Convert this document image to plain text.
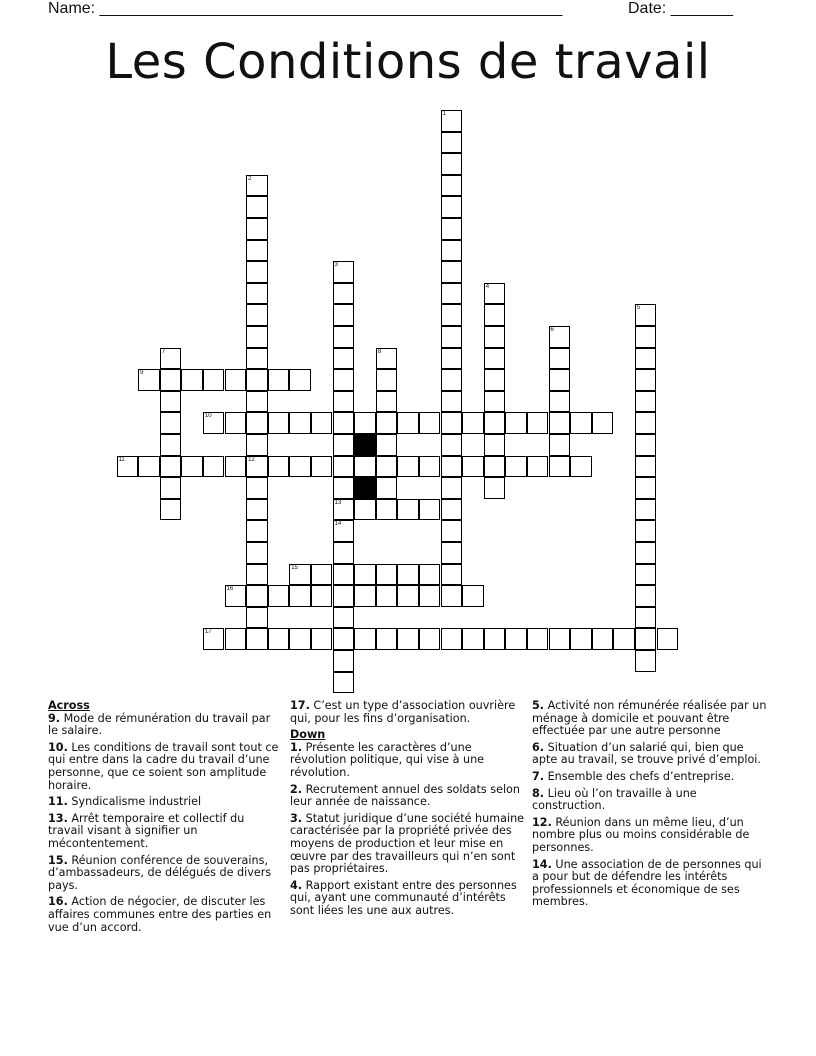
Name: ____________________________________________________	Date: _______
Les Conditions de travail
9
10
11	12
13
15
16
17
1
2
3
4
5
6
7	8
14

Across

9. Mode de rémunération du travail par le salaire.

10. Les conditions de travail sont tout ce qui entre dans la cadre du travail d’une personne, que ce soient son amplitude horaire.

11. Syndicalisme industriel

13. Arrêt temporaire et collectif du travail visant à signifier un mécontentement.

15. Réunion conférence de souverains, d’ambassadeurs, de délégués de divers pays.

16. Action de négocier, de discuter les affaires communes entre des parties en vue d’un accord.

17. C’est un type d’association ouvrière qui, pour les fins d’organisation.

Down

1. Présente les caractères d’une révolution politique, qui vise à une révolution.

2. Recrutement annuel des soldats selon leur année de naissance.

3. Statut juridique d’une société humaine caractérisée par la propriété privée des moyens de production et leur mise en œuvre par des travailleurs qui n’en sont pas propriétaires.

4. Rapport existant entre des personnes qui, ayant une communauté d’intérêts sont liées les une aux autres.

5. Activité non rémunérée réalisée par un ménage à domicile et pouvant être effectuée par une autre personne

6. Situation d’un salarié qui, bien que apte au travail, se trouve privé d’emploi.

7. Ensemble des chefs d’entreprise.

8. Lieu où l’on travaille à une construction.

12. Réunion dans un même lieu, d’un nombre plus ou moins considérable de personnes.

14. Une association de de personnes qui a pour but de défendre les intérêts professionnels et économique de ses membres.
